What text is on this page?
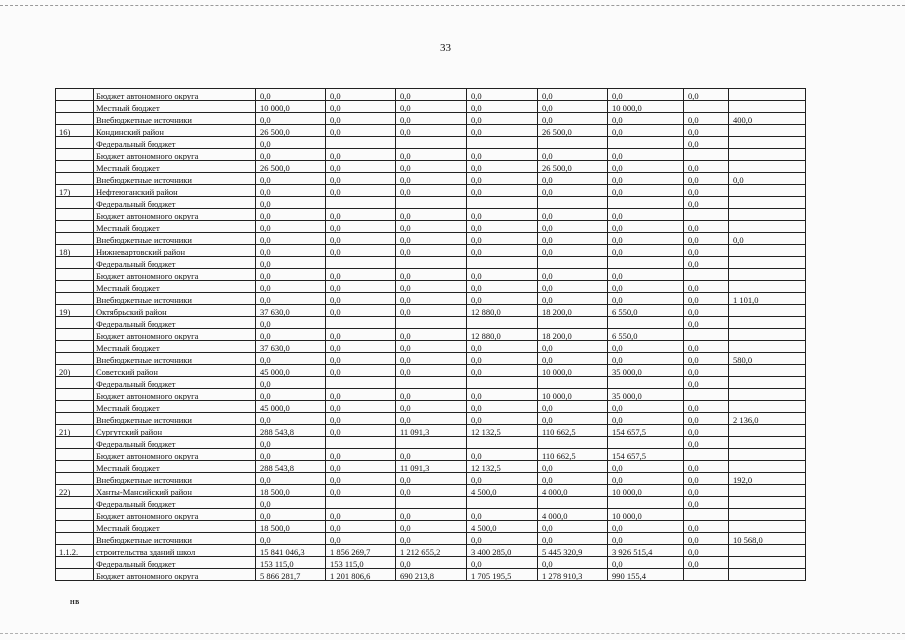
33
	Бюджет автономного округа	0,0	0,0	0,0	0,0	0,0	0,0	0,0	
	Местный бюджет	10 000,0	0,0	0,0	0,0	0,0	10 000,0		
	Внебюджетные источники	0,0	0,0	0,0	0,0	0,0	0,0	0,0	400,0
16)	Кондинский район	26 500,0	0,0	0,0	0,0	26 500,0	0,0	0,0	
	Федеральный бюджет	0,0						0,0	
	Бюджет автономного округа	0,0	0,0	0,0	0,0	0,0	0,0		
	Местный бюджет	26 500,0	0,0	0,0	0,0	26 500,0	0,0	0,0	
	Внебюджетные источники	0,0	0,0	0,0	0,0	0,0	0,0	0,0	0,0
17)	Нефтеюганский район	0,0	0,0	0,0	0,0	0,0	0,0	0,0	
	Федеральный бюджет	0,0						0,0	
	Бюджет автономного округа	0,0	0,0	0,0	0,0	0,0	0,0		
	Местный бюджет	0,0	0,0	0,0	0,0	0,0	0,0	0,0	
	Внебюджетные источники	0,0	0,0	0,0	0,0	0,0	0,0	0,0	0,0
18)	Нижневартовский район	0,0	0,0	0,0	0,0	0,0	0,0	0,0	
	Федеральный бюджет	0,0						0,0	
	Бюджет автономного округа	0,0	0,0	0,0	0,0	0,0	0,0		
	Местный бюджет	0,0	0,0	0,0	0,0	0,0	0,0	0,0	
	Внебюджетные источники	0,0	0,0	0,0	0,0	0,0	0,0	0,0	1 101,0
19)	Октябрьский район	37 630,0	0,0	0,0	12 880,0	18 200,0	6 550,0	0,0	
	Федеральный бюджет	0,0						0,0	
	Бюджет автономного округа	0,0	0,0	0,0	12 880,0	18 200,0	6 550,0		
	Местный бюджет	37 630,0	0,0	0,0	0,0	0,0	0,0	0,0	
	Внебюджетные источники	0,0	0,0	0,0	0,0	0,0	0,0	0,0	580,0
20)	Советский район	45 000,0	0,0	0,0	0,0	10 000,0	35 000,0	0,0	
	Федеральный бюджет	0,0						0,0	
	Бюджет автономного округа	0,0	0,0	0,0	0,0	10 000,0	35 000,0		
	Местный бюджет	45 000,0	0,0	0,0	0,0	0,0	0,0	0,0	
	Внебюджетные источники	0,0	0,0	0,0	0,0	0,0	0,0	0,0	2 136,0
21)	Сургутский район	288 543,8	0,0	11 091,3	12 132,5	110 662,5	154 657,5	0,0	
	Федеральный бюджет	0,0						0,0	
	Бюджет автономного округа	0,0	0,0	0,0	0,0	110 662,5	154 657,5		
	Местный бюджет	288 543,8	0,0	11 091,3	12 132,5	0,0	0,0	0,0	
	Внебюджетные источники	0,0	0,0	0,0	0,0	0,0	0,0	0,0	192,0
22)	Ханты-Мансийский район	18 500,0	0,0	0,0	4 500,0	4 000,0	10 000,0	0,0	
	Федеральный бюджет	0,0						0,0	
	Бюджет автономного округа	0,0	0,0	0,0	0,0	4 000,0	10 000,0		
	Местный бюджет	18 500,0	0,0	0,0	4 500,0	0,0	0,0	0,0	
	Внебюджетные источники	0,0	0,0	0,0	0,0	0,0	0,0	0,0	10 568,0
1.1.2.	строительства зданий школ	15 841 046,3	1 856 269,7	1 212 655,2	3 400 285,0	5 445 320,9	3 926 515,4	0,0	
	Федеральный бюджет	153 115,0	153 115,0	0,0	0,0	0,0	0,0	0,0	
	Бюджет автономного округа	5 866 281,7	1 201 806,6	690 213,8	1 705 195,5	1 278 910,3	990 155,4		
НВ
